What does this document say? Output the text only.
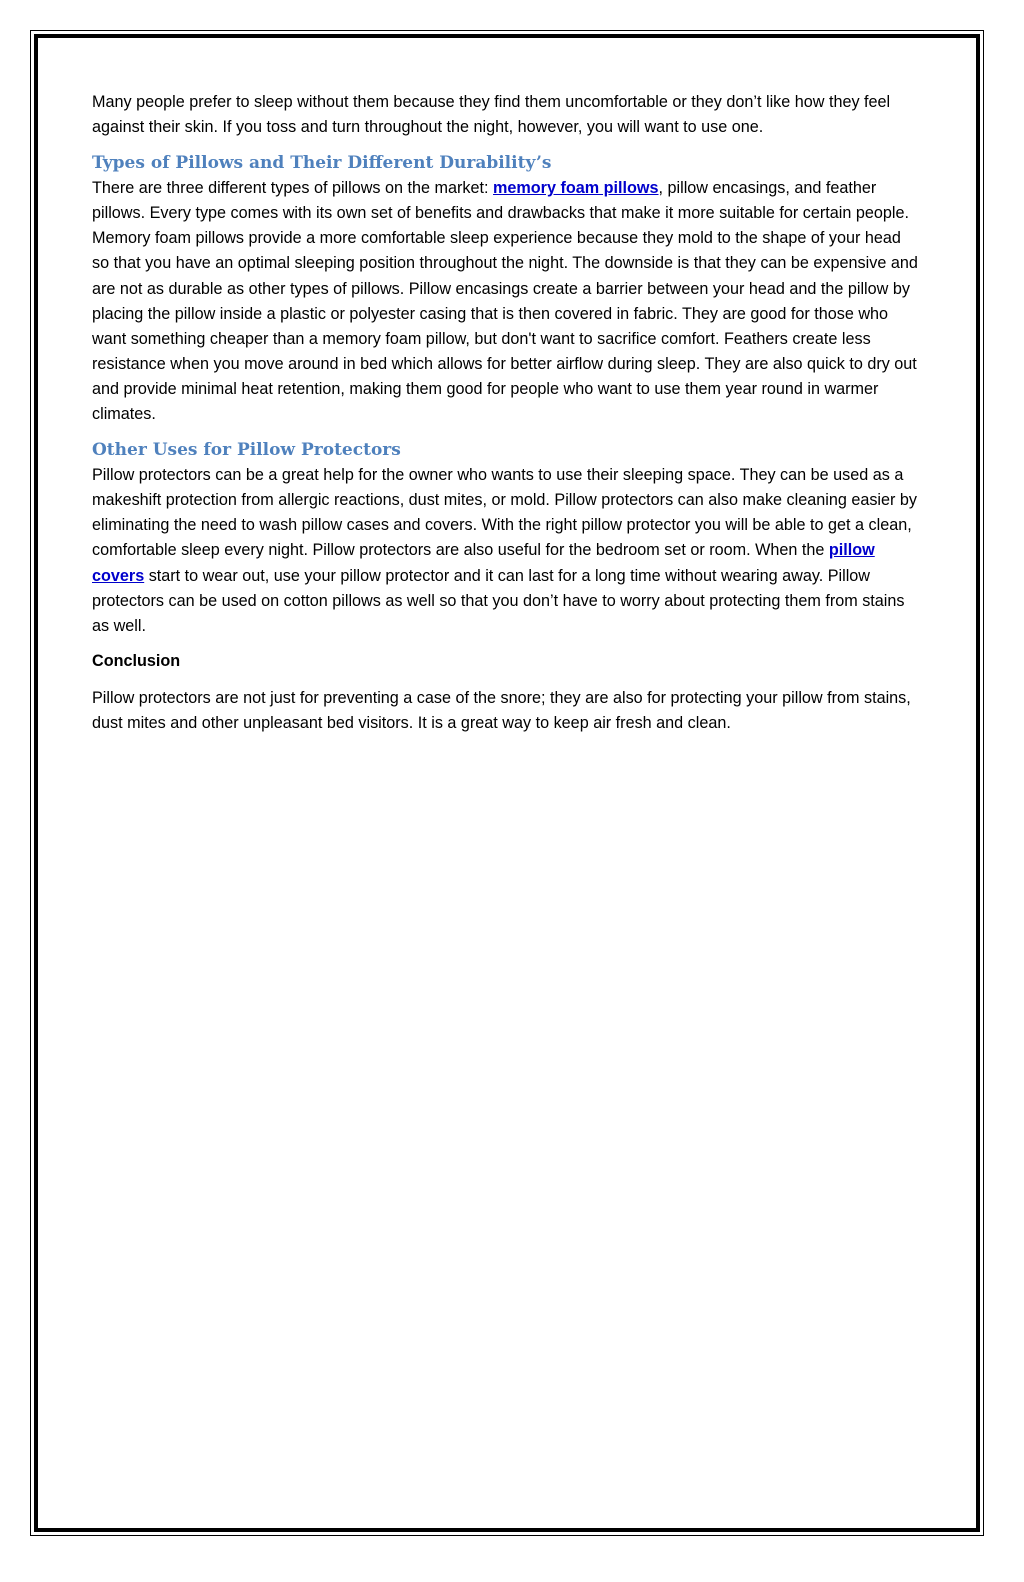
Many people prefer to sleep without them because they find them uncomfortable or they don’t like how they feel against their skin. If you toss and turn throughout the night, however, you will want to use one.

Types of Pillows and Their Different Durability’s

There are three different types of pillows on the market: memory foam pillows, pillow encasings, and feather pillows. Every type comes with its own set of benefits and drawbacks that make it more suitable for certain people. Memory foam pillows provide a more comfortable sleep experience because they mold to the shape of your head so that you have an optimal sleeping position throughout the night. The downside is that they can be expensive and are not as durable as other types of pillows. Pillow encasings create a barrier between your head and the pillow by placing the pillow inside a plastic or polyester casing that is then covered in fabric. They are good for those who want something cheaper than a memory foam pillow, but don't want to sacrifice comfort. Feathers create less resistance when you move around in bed which allows for better airflow during sleep. They are also quick to dry out and provide minimal heat retention, making them good for people who want to use them year round in warmer climates.

Other Uses for Pillow Protectors

Pillow protectors can be a great help for the owner who wants to use their sleeping space. They can be used as a makeshift protection from allergic reactions, dust mites, or mold. Pillow protectors can also make cleaning easier by eliminating the need to wash pillow cases and covers. With the right pillow protector you will be able to get a clean, comfortable sleep every night. Pillow protectors are also useful for the bedroom set or room. When the pillow covers start to wear out, use your pillow protector and it can last for a long time without wearing away. Pillow protectors can be used on cotton pillows as well so that you don’t have to worry about protecting them from stains as well.

Conclusion

Pillow protectors are not just for preventing a case of the snore; they are also for protecting your pillow from stains, dust mites and other unpleasant bed visitors. It is a great way to keep air fresh and clean.
